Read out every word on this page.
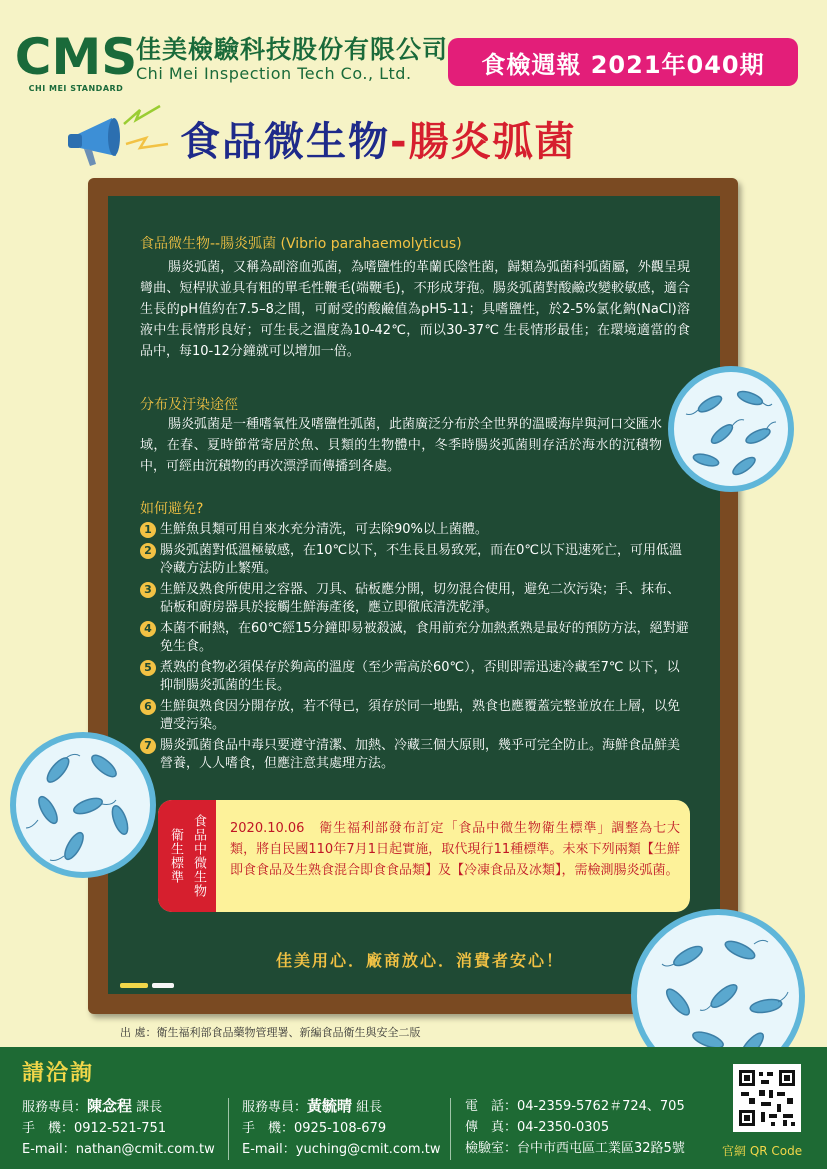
CMS
CHI MEI STANDARD
佳美檢驗科技股份有限公司
Chi Mei Inspection Tech Co., Ltd.	食檢週報 2021年040期
食品微生物-腸炎弧菌
食品微生物--腸炎弧菌 (Vibrio parahaemolyticus)
腸炎弧菌，又稱為副溶血弧菌，為嗜鹽性的革蘭氏陰性菌，歸類為弧菌科弧菌屬，外觀呈現彎曲、短桿狀並具有粗的單毛性鞭毛(端鞭毛)，不形成芽孢。腸炎弧菌對酸鹼改變較敏感，適合生長的pH值約在7.5–8之間，可耐受的酸鹼值為pH5-11；具嗜鹽性，於2-5%氯化鈉(NaCl)溶液中生長情形良好；可生長之溫度為10-42℃，而以30-37℃ 生長情形最佳；在環境適當的食品中，每10-12分鐘就可以增加一倍。
分布及汙染途徑
腸炎弧菌是一種嗜氧性及嗜鹽性弧菌，此菌廣泛分布於全世界的溫暖海岸與河口交匯水域，在春、夏時節常寄居於魚、貝類的生物體中，冬季時腸炎弧菌則存活於海水的沉積物中，可經由沉積物的再次漂浮而傳播到各處。
如何避免?
1 生鮮魚貝類可用自來水充分清洗，可去除90%以上菌體。
2 腸炎弧菌對低溫極敏感，在10℃以下，不生長且易致死，而在0℃以下迅速死亡，可用低溫冷藏方法防止繁殖。
3 生鮮及熟食所使用之容器、刀具、砧板應分開，切勿混合使用，避免二次污染；手、抹布、砧板和廚房器具於接觸生鮮海產後，應立即徹底清洗乾淨。
4 本菌不耐熱，在60℃經15分鐘即易被殺滅，食用前充分加熱煮熟是最好的預防方法，絕對避免生食。
5 煮熟的食物必須保存於夠高的溫度（至少需高於60℃），否則即需迅速冷藏至7℃ 以下，以抑制腸炎弧菌的生長。
6 生鮮與熟食因分開存放，若不得已，須存於同一地點，熟食也應覆蓋完整並放在上層，以免遭受污染。
7 腸炎弧菌食品中毒只要遵守清潔、加熱、冷藏三個大原則，幾乎可完全防止。海鮮食品鮮美營養，人人嗜食，但應注意其處理方法。
食品中微生物
衛生標準	2020.10.06　衛生福利部發布訂定「食品中微生物衛生標準」調整為七大類，將自民國110年7月1日起實施，取代現行11種標準。未來下列兩類【生鮮即食食品及生熟食混合即食食品類】及【冷凍食品及冰類】，需檢測腸炎弧菌。
佳美用心．廠商放心．消費者安心！
出 處：衛生福利部食品藥物管理署、新編食品衛生與安全二版
請洽詢
服務專員：陳念程 課長
手　機：0912-521-751
E-mail：nathan@cmit.com.tw
服務專員：黃毓晴 組長
手　機：0925-108-679
E-mail：yuching@cmit.com.tw
電　話：04-2359-5762＃724、705
傳　真：04-2350-0305
檢驗室：台中市西屯區工業區32路5號	官網 QR Code
